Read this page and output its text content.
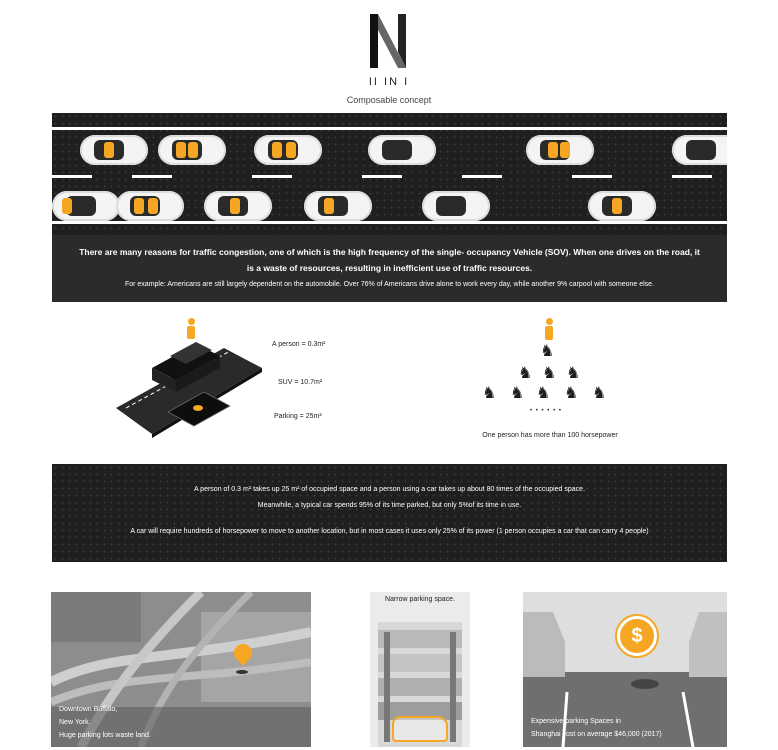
II IN I
Composable concept
There are many reasons for traffic congestion, one of which is the high frequency of the single- occupancy Vehicle (SOV). When one drives on the road, it
is a waste of resources, resulting in inefficient use of traffic resources.
For example: Americans are still largely dependent on the automobile. Over 76% of Americans drive alone to work every day, while another 9% carpool with someone else.
A person = 0.3m²
SUV = 10.7m²
Parking = 25m²
♞
♞ ♞ ♞
♞ ♞ ♞ ♞ ♞
• • • • • •
One person has more than 100 horsepower
A person of 0.3 m² takes up 25 m² of occupied space and a person using a car takes up about 80 times of the occupied space.
Meanwhile, a typical car spends 95% of its time parked, but only 5%of its time in use.
A car will require hundreds of horsepower to move to another location, but in most cases it uses only 25% of its power (1 person occupies a car that can carry 4 people)
Downtown Buffalo,
New York.
Huge parking lots waste land.
Narrow parking space.
$
Expensive parking Spaces in
Shanghai cost on average $46,000 (2017)
